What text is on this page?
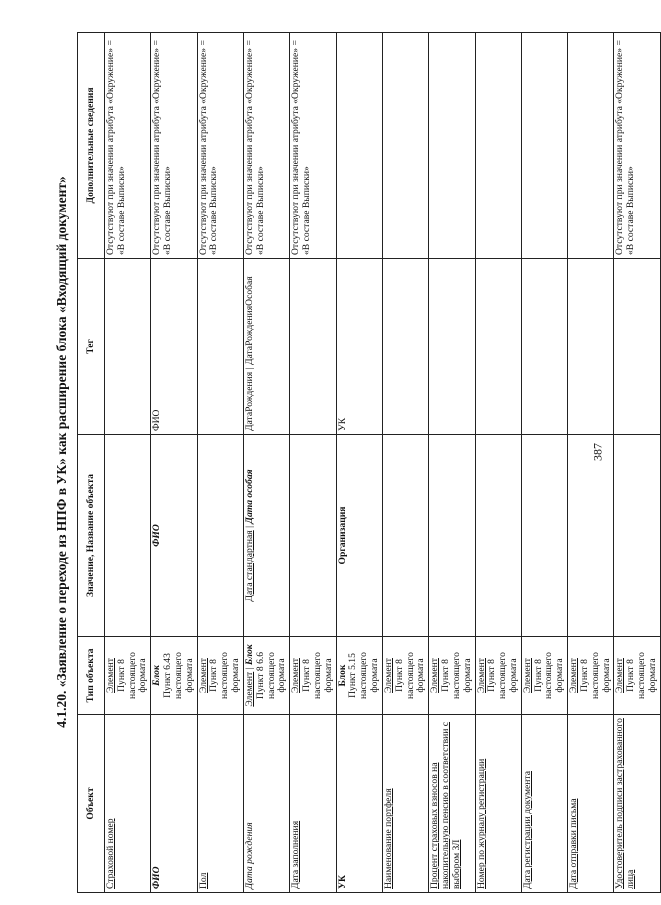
387
4.1.20. «Заявление о переходе из НПФ в УК» как расширение блока «Входящий документ»
Объект	Тип объекта	Значение, Название объекта	Тег	Дополнительные сведения
Страховой номер	Элемент Пункт 8 настоящего формата			Отсутствуют при значении атрибута «Окружение» = «В составе Выписки»
ФИО	Блок Пункт 6.43 настоящего формата	ФИО	ФИО	Отсутствуют при значении атрибута «Окружение» = «В составе Выписки»
Пол	Элемент Пункт 8 настоящего формата			Отсутствуют при значении атрибута «Окружение» = «В составе Выписки»
Дата рождения	Элемент | Блок Пункт 8 6.6 настоящего формата	Дата стандартная | Дата особая	ДатаРождения | ДатаРожденияОсобая	Отсутствуют при значении атрибута «Окружение» = «В составе Выписки»
Дата заполнения	Элемент Пункт 8 настоящего формата			Отсутствуют при значении атрибута «Окружение» = «В составе Выписки»
УК	Блок Пункт 5.15 настоящего формата	Организация	УК	
Наименование портфеля	Элемент Пункт 8 настоящего формата			
Процент страховых взносов на накопительную пенсию в соответствии с выбором ЗЛ	Элемент Пункт 8 настоящего формата			
Номер по журналу регистрации	Элемент Пункт 8 настоящего формата			
Дата регистрации документа	Элемент Пункт 8 настоящего формата			
Дата отправки письма	Элемент Пункт 8 настоящего формата			
Удостоверитель подписи застрахованного лица	Элемент Пункт 8 настоящего формата			Отсутствуют при значении атрибута «Окружение» = «В составе Выписки»
